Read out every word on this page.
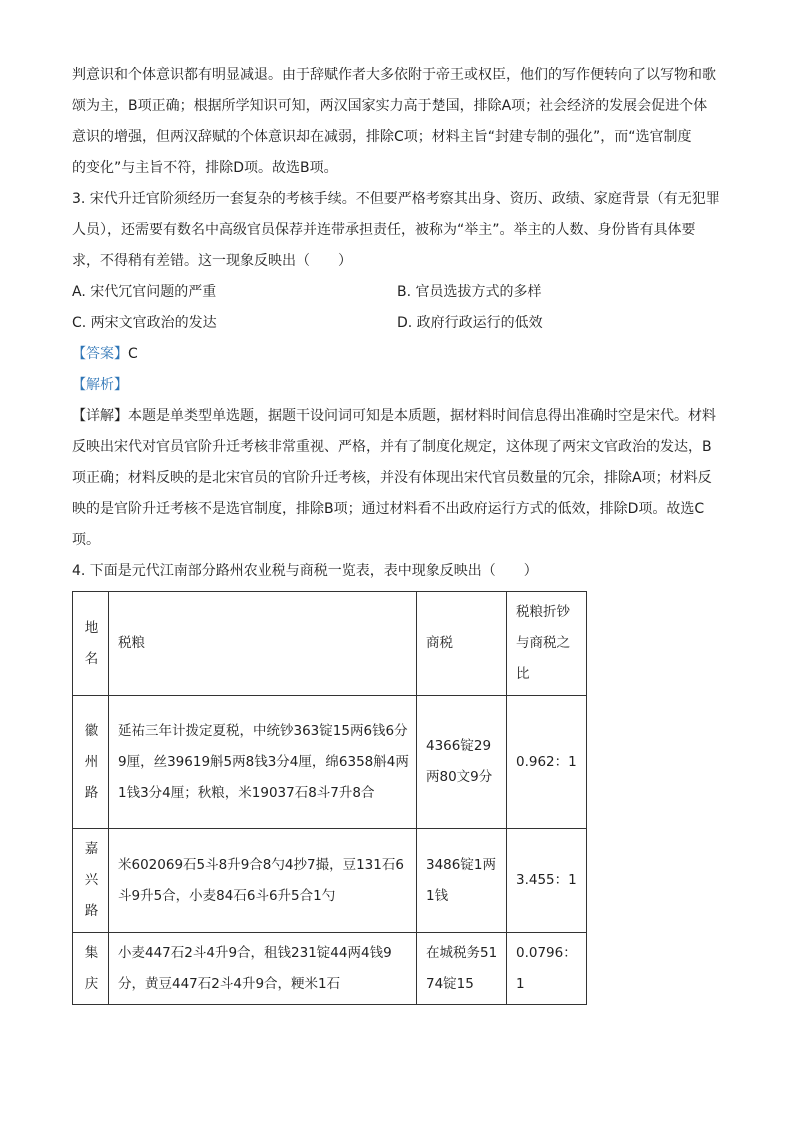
判意识和个体意识都有明显减退。由于辞赋作者大多依附于帝王或权臣，他们的写作便转向了以写物和歌
颂为主，B项正确；根据所学知识可知，两汉国家实力高于楚国，排除A项；社会经济的发展会促进个体
意识的增强，但两汉辞赋的个体意识却在减弱，排除C项；材料主旨“封建专制的强化”，而“选官制度
的变化”与主旨不符，排除D项。故选B项。

3. 宋代升迁官阶须经历一套复杂的考核手续。不但要严格考察其出身、资历、政绩、家庭背景（有无犯罪
人员），还需要有数名中高级官员保荐并连带承担责任，被称为“举主”。举主的人数、身份皆有具体要
求，不得稍有差错。这一现象反映出（　　）

A. 宋代冗官问题的严重	B. 官员选拔方式的多样
C. 两宋文官政治的发达	D. 政府行政运行的低效
【答案】C
【解析】

【详解】本题是单类型单选题，据题干设问词可知是本质题，据材料时间信息得出准确时空是宋代。材料
反映出宋代对官员官阶升迁考核非常重视、严格，并有了制度化规定，这体现了两宋文官政治的发达，B
项正确；材料反映的是北宋官员的官阶升迁考核，并没有体现出宋代官员数量的冗余，排除A项；材料反
映的是官阶升迁考核不是选官制度，排除B项；通过材料看不出政府运行方式的低效，排除D项。故选C
项。

4. 下面是元代江南部分路州农业税与商税一览表，表中现象反映出（　　）

地名	税粮	商税	税粮折钞与商税之比
徽州路	延祐三年计拨定夏税，中统钞363锭15两6钱6分9厘，丝39619斛5两8钱3分4厘，绵6358斛4两1钱3分4厘；秋粮，米19037石8斗7升8合	4366锭29两80文9分	0.962：1
嘉兴路	米602069石5斗8升9合8勺4抄7撮，豆131石6斗9升5合，小麦84石6斗6升5合1勺	3486锭1两1钱	3.455：1
集庆	小麦447石2斗4升9合，租钱231锭44两4钱9分，黄豆447石2斗4升9合，粳米1石	在城税务5174锭15	0.0796：1
